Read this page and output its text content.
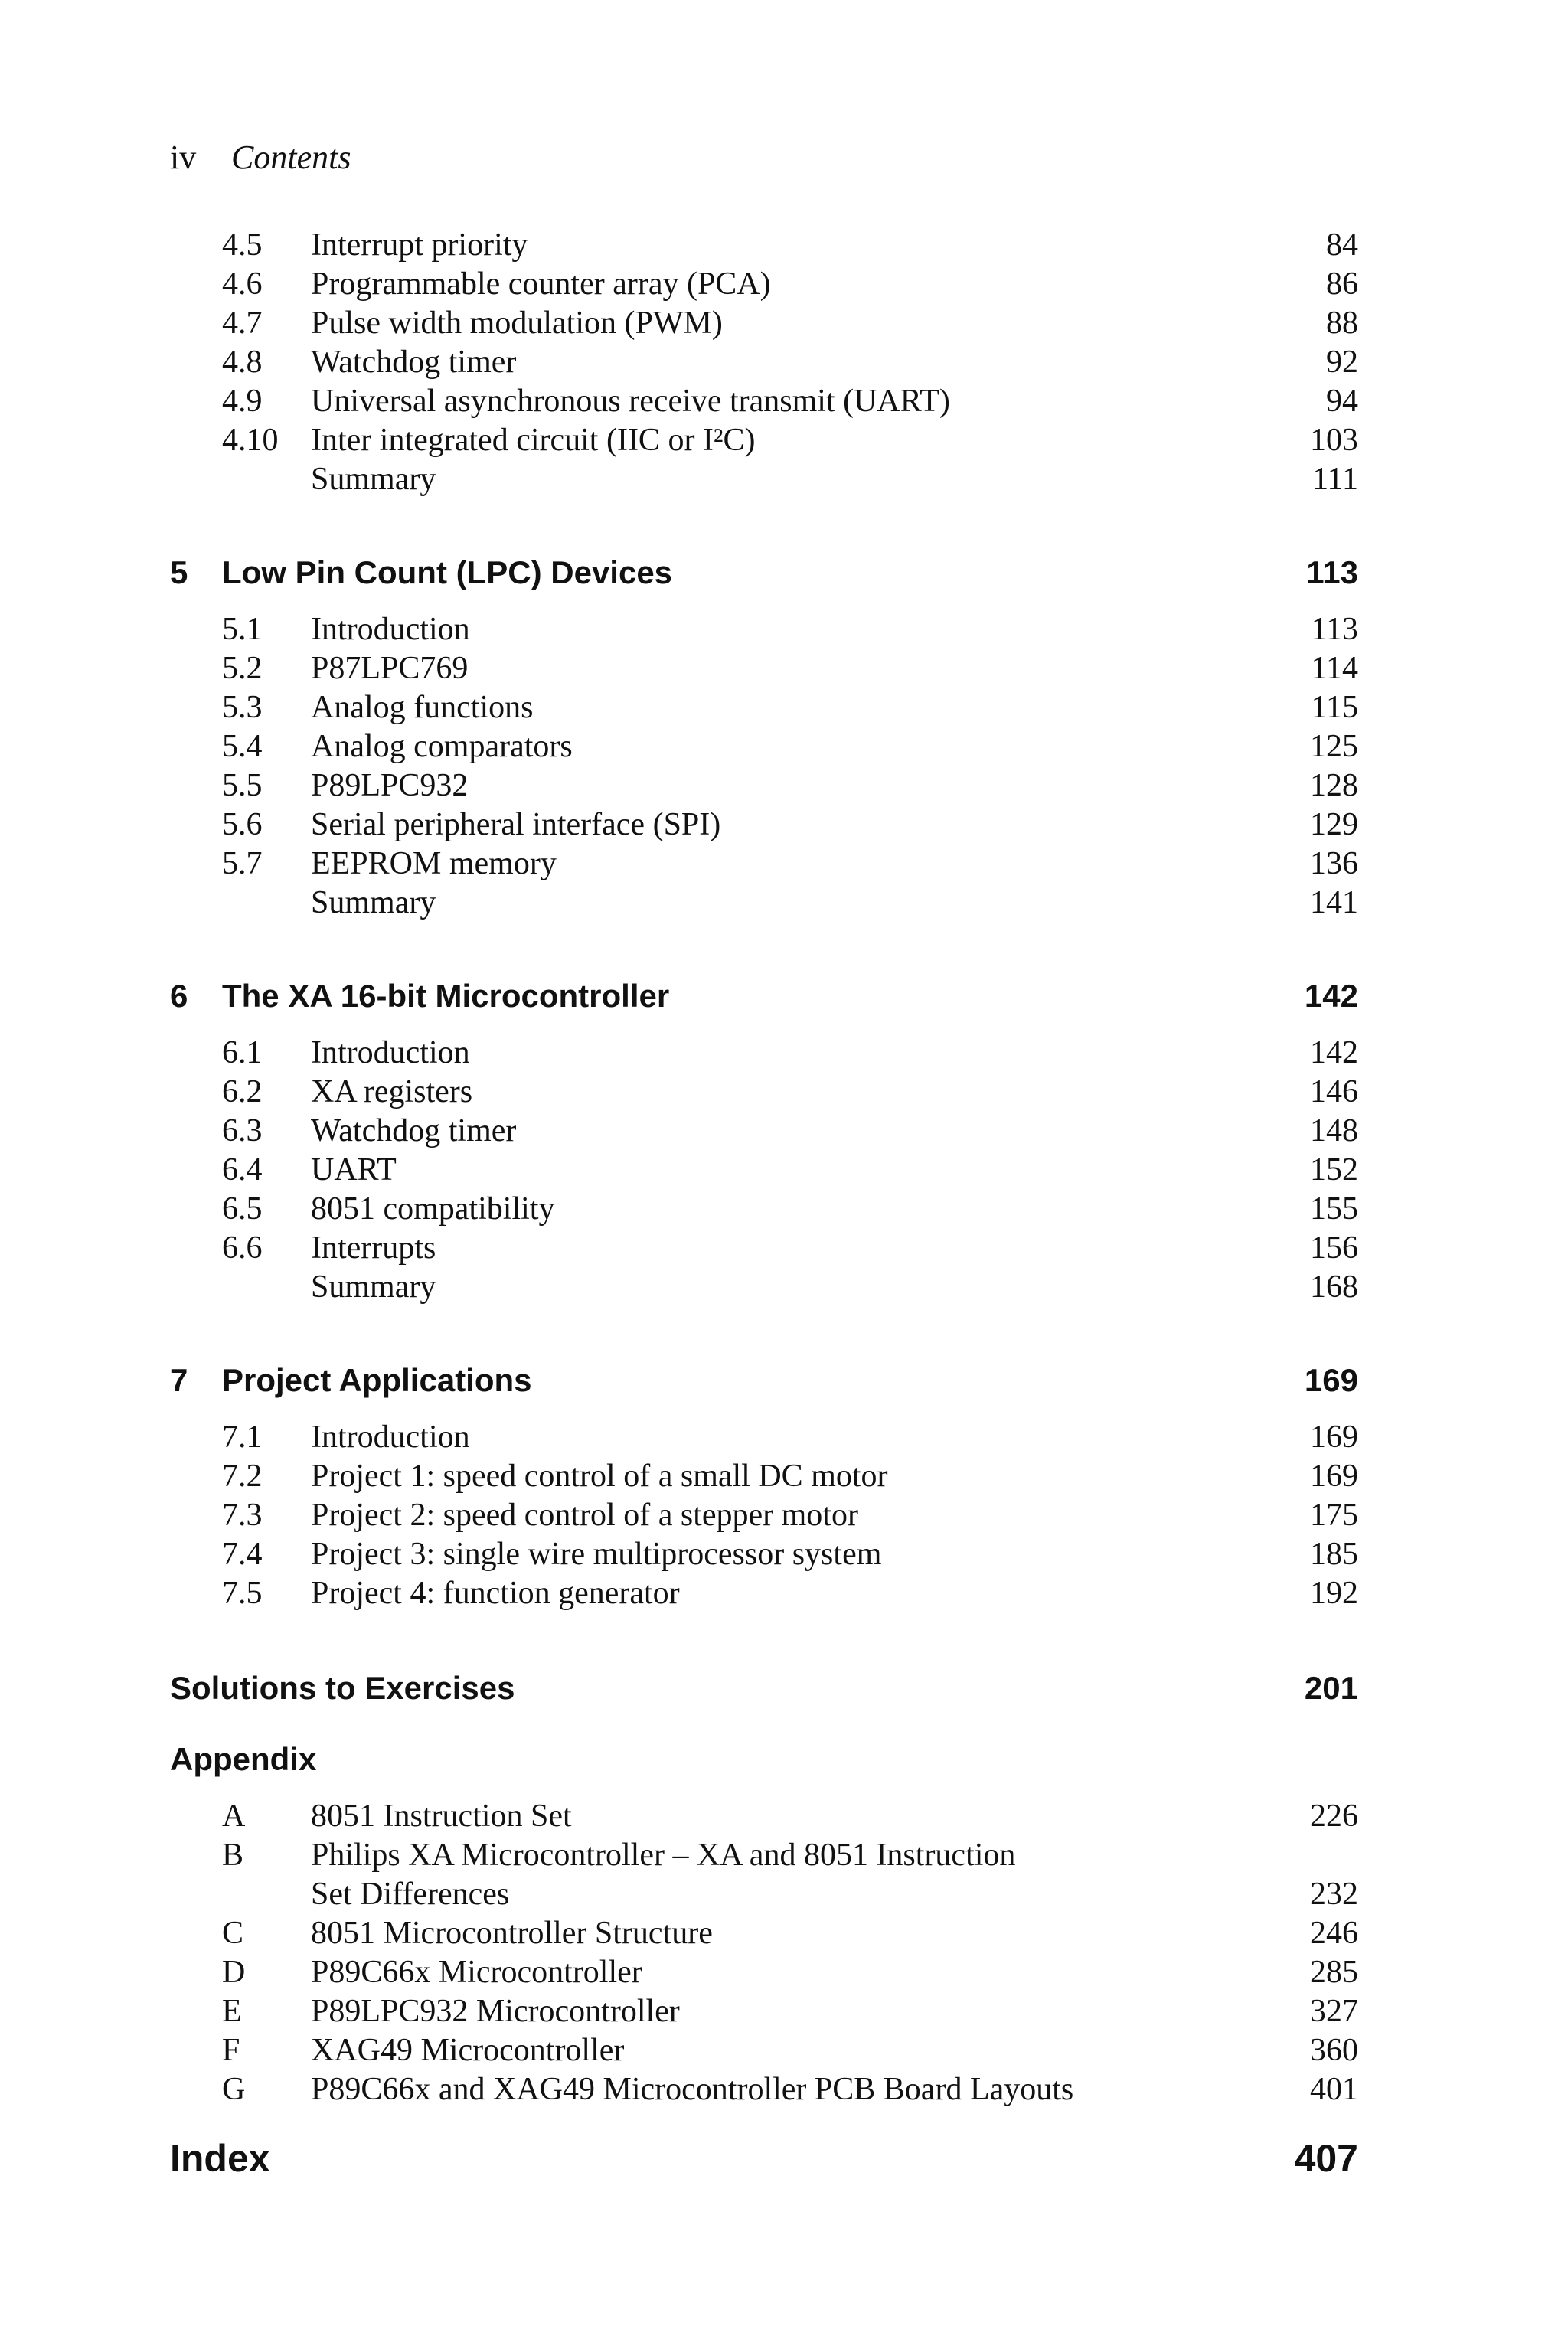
iv Contents
4.5 Interrupt priority	84
4.6 Programmable counter array (PCA)	86
4.7 Pulse width modulation (PWM)	88
4.8 Watchdog timer	92
4.9 Universal asynchronous receive transmit (UART)	94
4.10 Inter integrated circuit (IIC or I²C)	103
Summary	111
5 Low Pin Count (LPC) Devices	113
5.1 Introduction	113
5.2 P87LPC769	114
5.3 Analog functions	115
5.4 Analog comparators	125
5.5 P89LPC932	128
5.6 Serial peripheral interface (SPI)	129
5.7 EEPROM memory	136
Summary	141
6 The XA 16-bit Microcontroller	142
6.1 Introduction	142
6.2 XA registers	146
6.3 Watchdog timer	148
6.4 UART	152
6.5 8051 compatibility	155
6.6 Interrupts	156
Summary	168
7 Project Applications	169
7.1 Introduction	169
7.2 Project 1: speed control of a small DC motor	169
7.3 Project 2: speed control of a stepper motor	175
7.4 Project 3: single wire multiprocessor system	185
7.5 Project 4: function generator	192
Solutions to Exercises	201
Appendix
A 8051 Instruction Set	226
B Philips XA Microcontroller – XA and 8051 Instruction
Set Differences	232
C 8051 Microcontroller Structure	246
D P89C66x Microcontroller	285
E P89LPC932 Microcontroller	327
F XAG49 Microcontroller	360
G P89C66x and XAG49 Microcontroller PCB Board Layouts	401
Index	407
